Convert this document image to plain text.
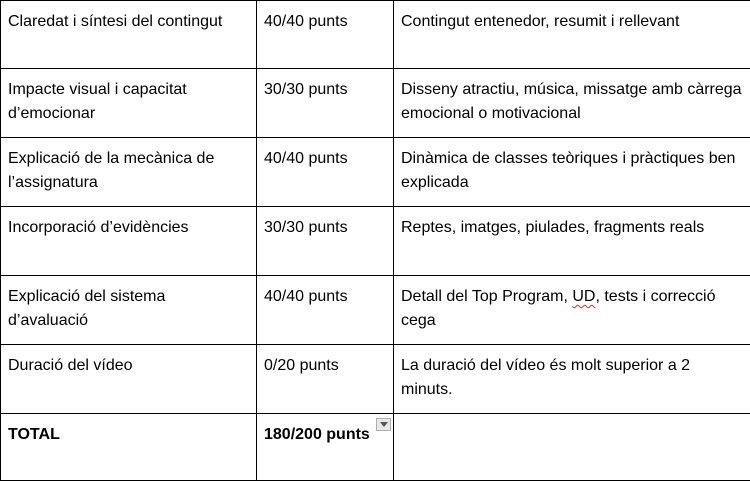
Claredat i síntesi del contingut	40/40 punts	Contingut entenedor, resumit i rellevant
Impacte visual i capacitat d’emocionar	30/30 punts	Disseny atractiu, música, missatge amb càrrega emocional o motivacional
Explicació de la mecànica de l’assignatura	40/40 punts	Dinàmica de classes teòriques i pràctiques ben explicada
Incorporació d’evidències	30/30 punts	Reptes, imatges, piulades, fragments reals
Explicació del sistema d’avaluació	40/40 punts	Detall del Top Program, UD, tests i correcció cega
Duració del vídeo	0/20 punts	La duració del vídeo és molt superior a 2 minuts.
TOTAL	180/200 punts
